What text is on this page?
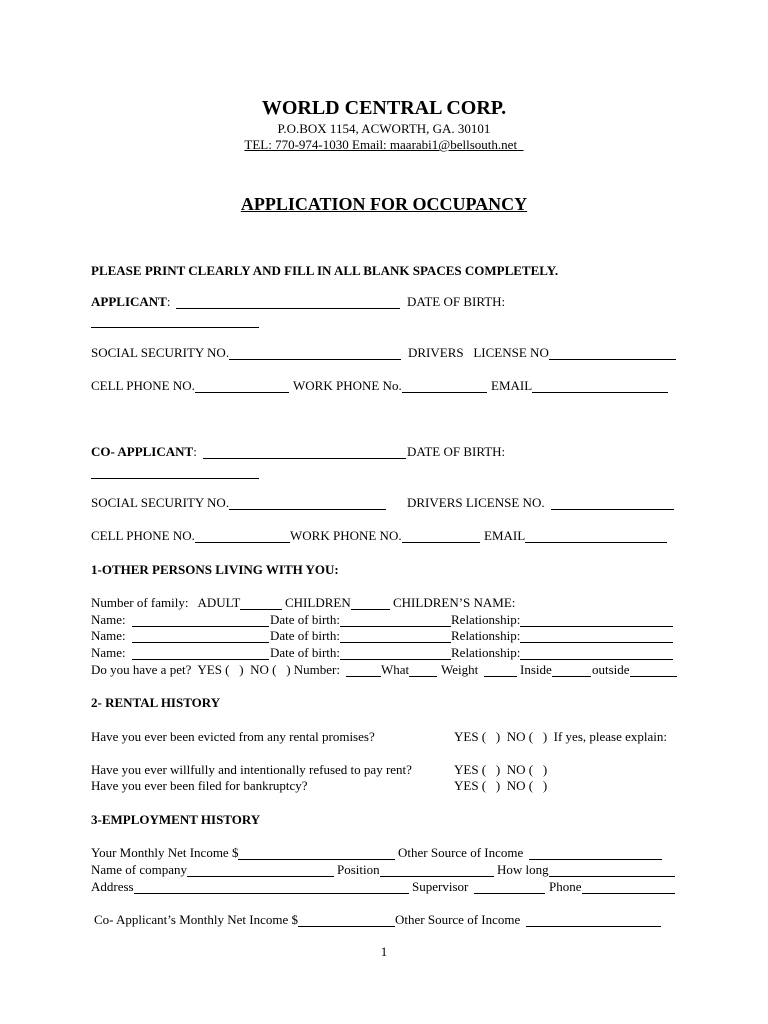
WORLD CENTRAL CORP.
P.O.BOX 1154, ACWORTH, GA. 30101
TEL: 770-974-1030 Email: maarabi1@bellsouth.net
APPLICATION FOR OCCUPANCY
PLEASE PRINT CLEARLY AND FILL IN ALL BLANK SPACES COMPLETELY.
APPLICANT:	DATE OF BIRTH:
SOCIAL SECURITY NO.	DRIVERS   LICENSE NO
CELL PHONE NO.	WORK PHONE No.	EMAIL
CO- APPLICANT:	DATE OF BIRTH:
SOCIAL SECURITY NO.	DRIVERS LICENSE NO.
CELL PHONE NO.	WORK PHONE NO.	EMAIL
1-OTHER PERSONS LIVING WITH YOU:
Number of family:   ADULT	CHILDREN	CHILDREN’S NAME:
Name:	Date of birth:	Relationship:
Name:	Date of birth:	Relationship:
Name:	Date of birth:	Relationship:
Do you have a pet?  YES (   )  NO (   ) Number:	What Weight	Inside	outside
2- RENTAL HISTORY
Have you ever been evicted from any rental promises?	YES (   )  NO (   )  If yes, please explain:
Have you ever willfully and intentionally refused to pay rent?	YES (   )  NO (   )
Have you ever been filed for bankruptcy?	YES (   )  NO (   )
3-EMPLOYMENT HISTORY
Your Monthly Net Income $	Other Source of Income
Name of company	Position	How long
Address	Supervisor	Phone
Co- Applicant’s Monthly Net Income $	Other Source of Income
1
